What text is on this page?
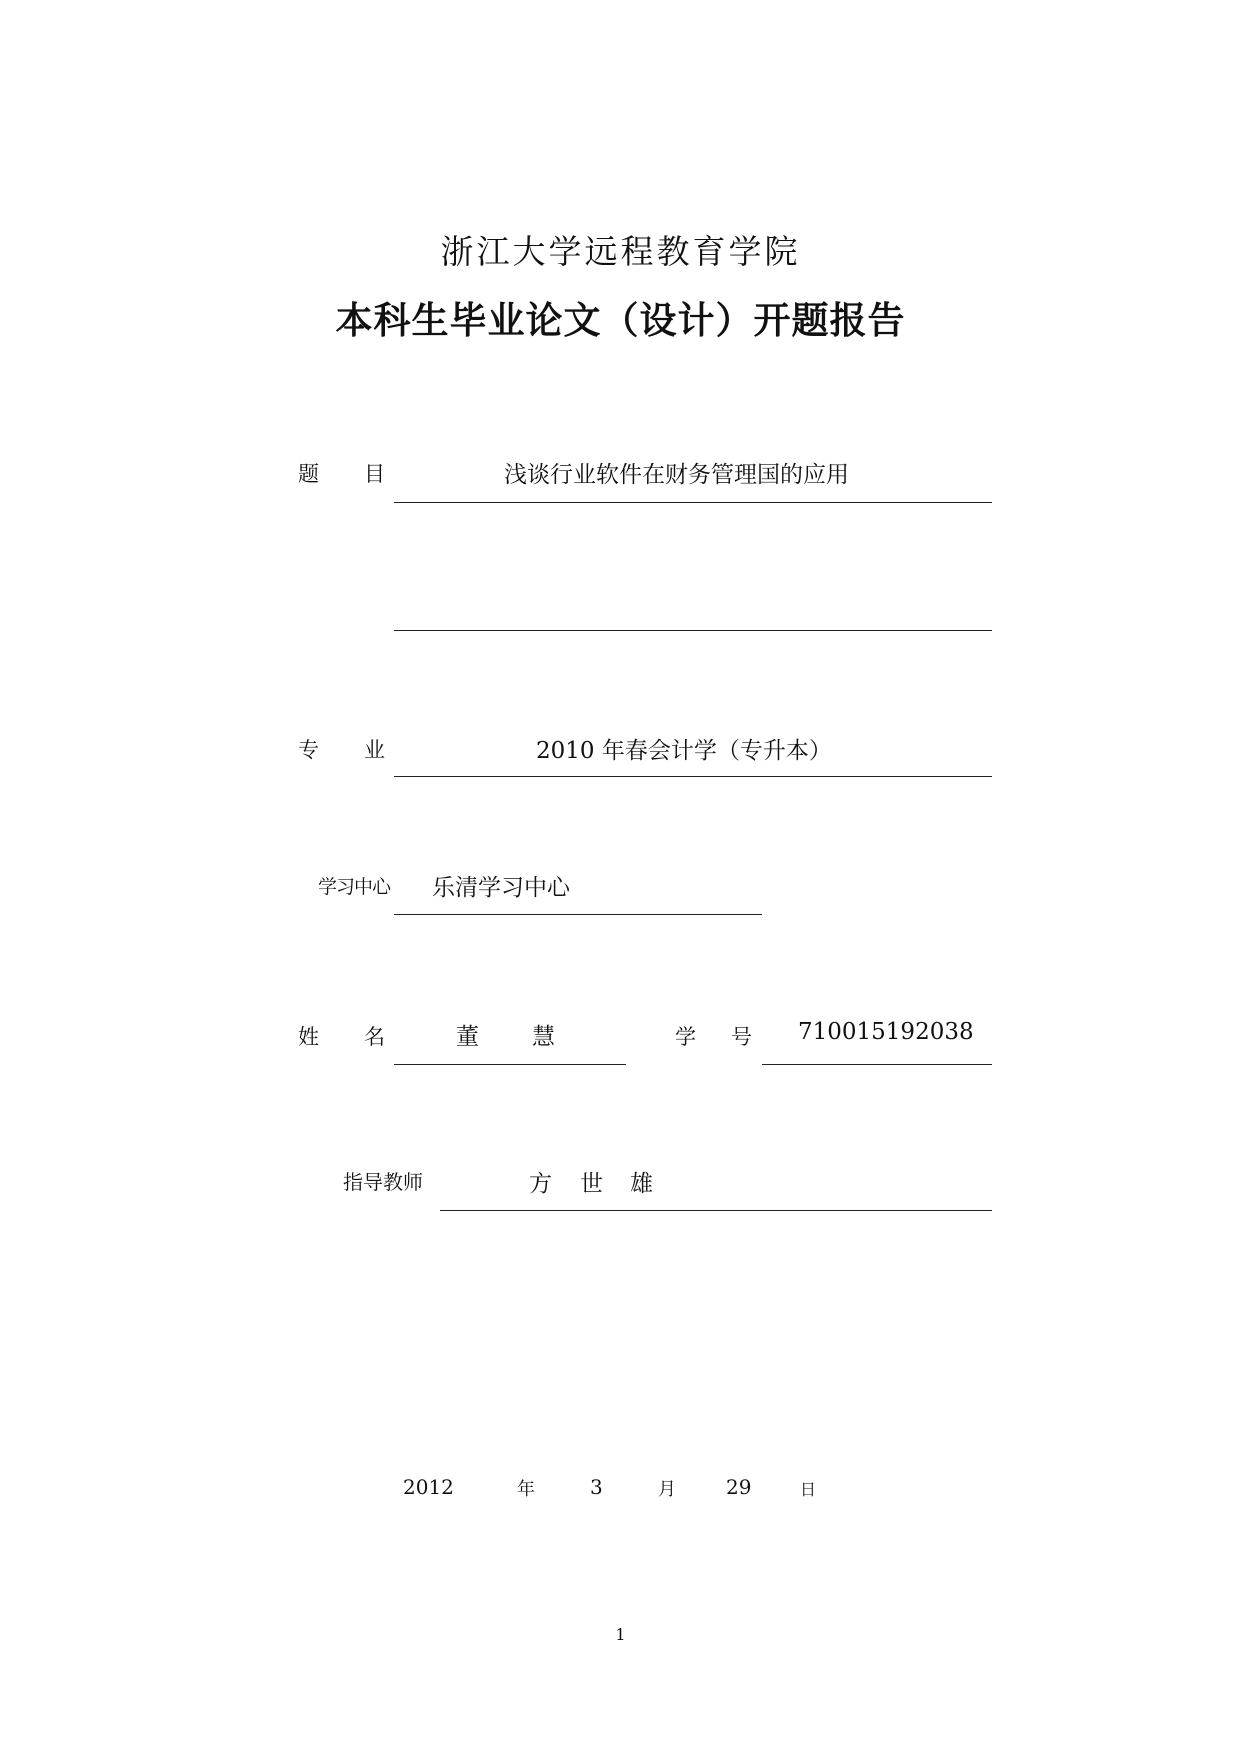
浙江大学远程教育学院
本科生毕业论文（设计）开题报告
题 目	浅谈行业软件在财务管理国的应用
专 业	2010 年春会计学（专升本）
学习中心 乐清学习中心
姓 名	董 慧	学 号 710015192038
指导教师	方 世 雄
2012	年	3	月	29	日
1
